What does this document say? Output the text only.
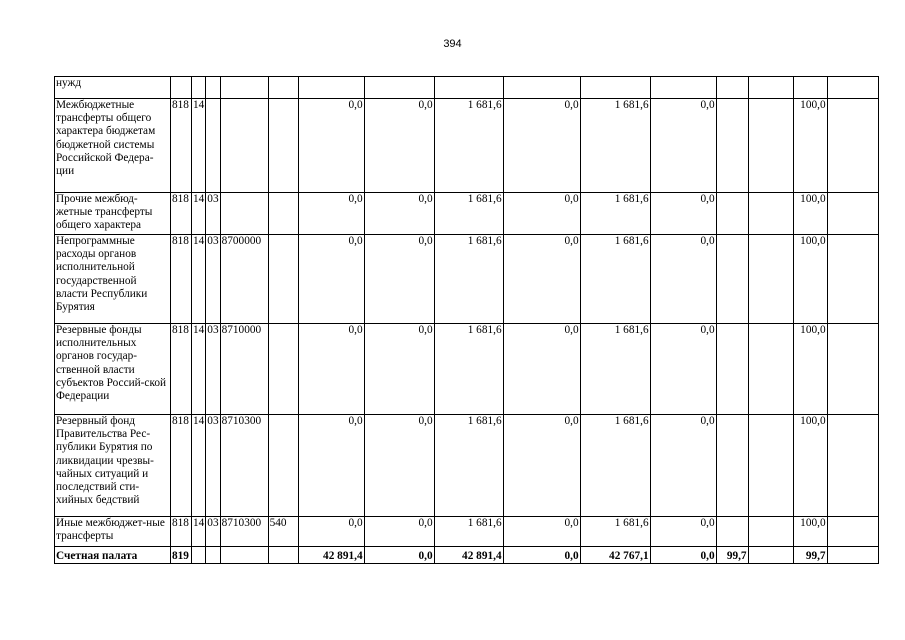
394
нужд															
Межбюджетные трансферты общего характера бюджетам бюджетной системы Российской Федера-ции	818	14				0,0	0,0	1 681,6	0,0	1 681,6	0,0			100,0	
Прочие межбюд-жетные трансферты общего характера	818	14	03			0,0	0,0	1 681,6	0,0	1 681,6	0,0			100,0	
Непрограммные расходы органов исполнительной государственной власти Республики Бурятия	818	14	03	8700000		0,0	0,0	1 681,6	0,0	1 681,6	0,0			100,0	
Резервные фонды исполнительных органов государ-ственной власти субъектов Россий-ской Федерации	818	14	03	8710000		0,0	0,0	1 681,6	0,0	1 681,6	0,0			100,0	
Резервный фонд Правительства Рес-публики Бурятия по ликвидации чрезвы-чайных ситуаций и последствий сти-хийных бедствий	818	14	03	8710300		0,0	0,0	1 681,6	0,0	1 681,6	0,0			100,0	
Иные межбюджет-ные трансферты	818	14	03	8710300	540	0,0	0,0	1 681,6	0,0	1 681,6	0,0			100,0	
Счетная палата	819					42 891,4	0,0	42 891,4	0,0	42 767,1	0,0	99,7		99,7	
